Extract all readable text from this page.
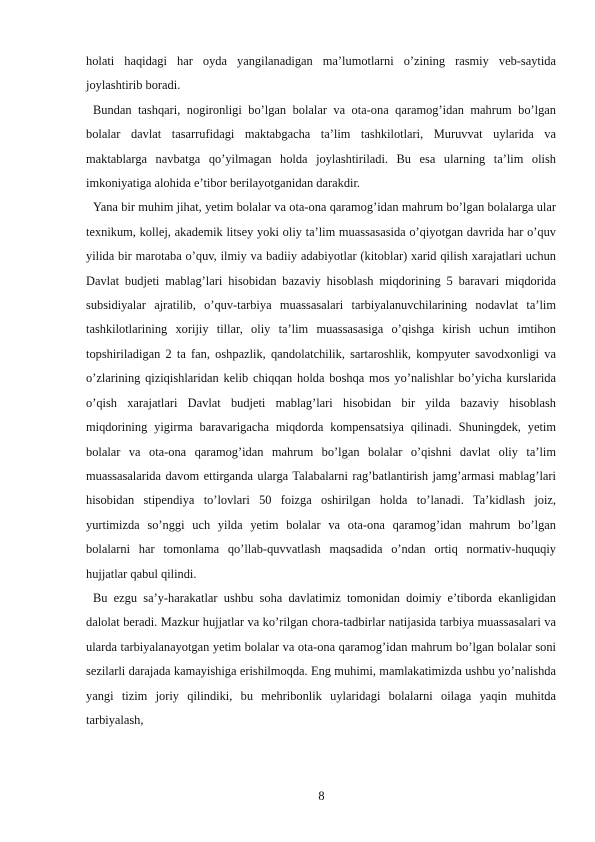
holati haqidagi har oyda yangilanadigan ma’lumotlarni o’zining rasmiy veb-saytida joylashtirib boradi.

Bundan tashqari, nogironligi bo’lgan bolalar va ota-ona qaramog’idan mahrum bo’lgan bolalar davlat tasarrufidagi maktabgacha ta’lim tashkilotlari, Muruvvat uylarida va maktablarga navbatga qo’yilmagan holda joylashtiriladi. Bu esa ularning ta’lim olish imkoniyatiga alohida e’tibor berilayotganidan darakdir.

Yana bir muhim jihat, yetim bolalar va ota-ona qaramog’idan mahrum bo’lgan bolalarga ular texnikum, kollej, akademik litsey yoki oliy ta’lim muassasasida o’qiyotgan davrida har o’quv yilida bir marotaba o’quv, ilmiy va badiiy adabiyotlar (kitoblar) xarid qilish xarajatlari uchun Davlat budjeti mablag’lari hisobidan bazaviy hisoblash miqdorining 5 baravari miqdorida subsidiyalar ajratilib, o’quv-tarbiya muassasalari tarbiyalanuvchilarining nodavlat ta’lim tashkilotlarining xorijiy tillar, oliy ta’lim muassasasiga o’qishga kirish uchun imtihon topshiriladigan 2 ta fan, oshpazlik, qandolatchilik, sartaroshlik, kompyuter savodxonligi va o’zlarining qiziqishlaridan kelib chiqqan holda boshqa mos yo’nalishlar bo’yicha kurslarida o’qish xarajatlari Davlat budjeti mablag’lari hisobidan bir yilda bazaviy hisoblash miqdorining yigirma baravarigacha miqdorda kompensatsiya qilinadi. Shuningdek, yetim bolalar va ota-ona qaramog’idan mahrum bo’lgan bolalar o’qishni davlat oliy ta’lim muassasalarida davom ettirganda ularga Talabalarni rag’batlantirish jamg’armasi mablag’lari hisobidan stipendiya to’lovlari 50 foizga oshirilgan holda to’lanadi. Ta’kidlash joiz, yurtimizda so’nggi uch yilda yetim bolalar va ota-ona qaramog’idan mahrum bo’lgan bolalarni har tomonlama qo’llab-quvvatlash maqsadida o’ndan ortiq normativ-huquqiy hujjatlar qabul qilindi.

Bu ezgu sa’y-harakatlar ushbu soha davlatimiz tomonidan doimiy e’tiborda ekanligidan dalolat beradi. Mazkur hujjatlar va ko’rilgan chora-tadbirlar natijasida tarbiya muassasalari va ularda tarbiyalanayotgan yetim bolalar va ota-ona qaramog’idan mahrum bo’lgan bolalar soni sezilarli darajada kamayishiga erishilmoqda. Eng muhimi, mamlakatimizda ushbu yo’nalishda yangi tizim joriy qilindiki, bu mehribonlik uylaridagi bolalarni oilaga yaqin muhitda tarbiyalash,

8
